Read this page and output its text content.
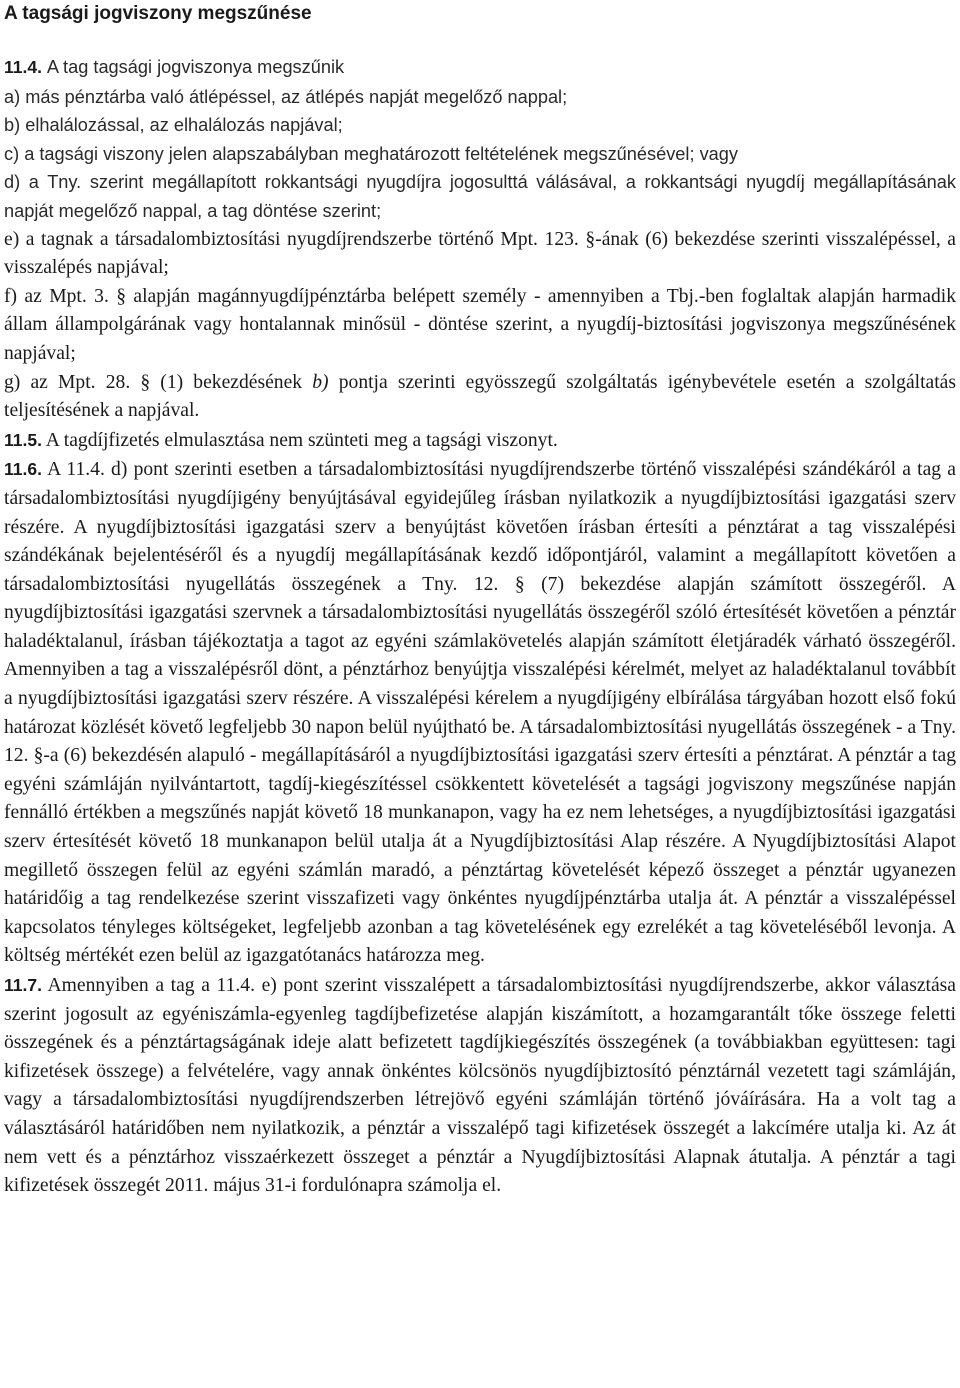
A tagsági jogviszony megszűnése
11.4. A tag tagsági jogviszonya megszűnik
a) más pénztárba való átlépéssel, az átlépés napját megelőző nappal;
b) elhalálozással, az elhalálozás napjával;
c) a tagsági viszony jelen alapszabályban meghatározott feltételének megszűnésével; vagy
d) a Tny. szerint megállapított rokkantsági nyugdíjra jogosulttá válásával, a rokkantsági nyugdíj megállapításának napját megelőző nappal, a tag döntése szerint;
e) a tagnak a társadalombiztosítási nyugdíjrendszerbe történő Mpt. 123. §-ának (6) bekezdése szerinti visszalépéssel, a visszalépés napjával;
f) az Mpt. 3. § alapján magánnyugdíjpénztárba belépett személy - amennyiben a Tbj.-ben foglaltak alapján harmadik állam állampolgárának vagy hontalannak minősül - döntése szerint, a nyugdíj-biztosítási jogviszonya megszűnésének napjával;
g) az Mpt. 28. § (1) bekezdésének b) pontja szerinti egyösszegű szolgáltatás igénybevétele esetén a szolgáltatás teljesítésének a napjával.
11.5. A tagdíjfizetés elmulasztása nem szünteti meg a tagsági viszonyt.
11.6. A 11.4. d) pont szerinti esetben a társadalombiztosítási nyugdíjrendszerbe történő visszalépési szándékáról a tag a társadalombiztosítási nyugdíjigény benyújtásával egyidejűleg írásban nyilatkozik a nyugdíjbiztosítási igazgatási szerv részére. A nyugdíjbiztosítási igazgatási szerv a benyújtást követően írásban értesíti a pénztárat a tag visszalépési szándékának bejelentéséről és a nyugdíj megállapításának kezdő időpontjáról, valamint a megállapított követően a társadalombiztosítási nyugellátás összegének a Tny. 12. § (7) bekezdése alapján számított összegéről. A nyugdíjbiztosítási igazgatási szervnek a társadalombiztosítási nyugellátás összegéről szóló értesítését követően a pénztár haladéktalanul, írásban tájékoztatja a tagot az egyéni számlakövetelés alapján számított életjáradék várható összegéről. Amennyiben a tag a visszalépésről dönt, a pénztárhoz benyújtja visszalépési kérelmét, melyet az haladéktalanul továbbít a nyugdíjbiztosítási igazgatási szerv részére. A visszalépési kérelem a nyugdíjigény elbírálása tárgyában hozott első fokú határozat közlését követő legfeljebb 30 napon belül nyújtható be. A társadalombiztosítási nyugellátás összegének - a Tny. 12. §-a (6) bekezdésén alapuló - megállapításáról a nyugdíjbiztosítási igazgatási szerv értesíti a pénztárat. A pénztár a tag egyéni számláján nyilvántartott, tagdíj-kiegészítéssel csökkentett követelését a tagsági jogviszony megszűnése napján fennálló értékben a megszűnés napját követő 18 munkanapon, vagy ha ez nem lehetséges, a nyugdíjbiztosítási igazgatási szerv értesítését követő 18 munkanapon belül utalja át a Nyugdíjbiztosítási Alap részére. A Nyugdíjbiztosítási Alapot megillető összegen felül az egyéni számlán maradó, a pénztártag követelését képező összeget a pénztár ugyanezen határidőig a tag rendelkezése szerint visszafizeti vagy önkéntes nyugdíjpénztárba utalja át. A pénztár a visszalépéssel kapcsolatos tényleges költségeket, legfeljebb azonban a tag követelésének egy ezrelékét a tag követeléséből levonja. A költség mértékét ezen belül az igazgatótanács határozza meg.
11.7. Amennyiben a tag a 11.4. e) pont szerint visszalépett a társadalombiztosítási nyugdíjrendszerbe, akkor választása szerint jogosult az egyéniszámla-egyenleg tagdíjbefizetése alapján kiszámított, a hozamgarantált tőke összege feletti összegének és a pénztártagságának ideje alatt befizetett tagdíjkiegészítés összegének (a továbbiakban együttesen: tagi kifizetések összege) a felvételére, vagy annak önkéntes kölcsönös nyugdíjbiztosító pénztárnál vezetett tagi számláján, vagy a társadalombiztosítási nyugdíjrendszerben létrejövő egyéni számláján történő jóváírására. Ha a volt tag a választásáról határidőben nem nyilatkozik, a pénztár a visszalépő tagi kifizetések összegét a lakcímére utalja ki. Az át nem vett és a pénztárhoz visszaérkezett összeget a pénztár a Nyugdíjbiztosítási Alapnak átutalja. A pénztár a tagi kifizetések összegét 2011. május 31-i fordulónapra számolja el.
